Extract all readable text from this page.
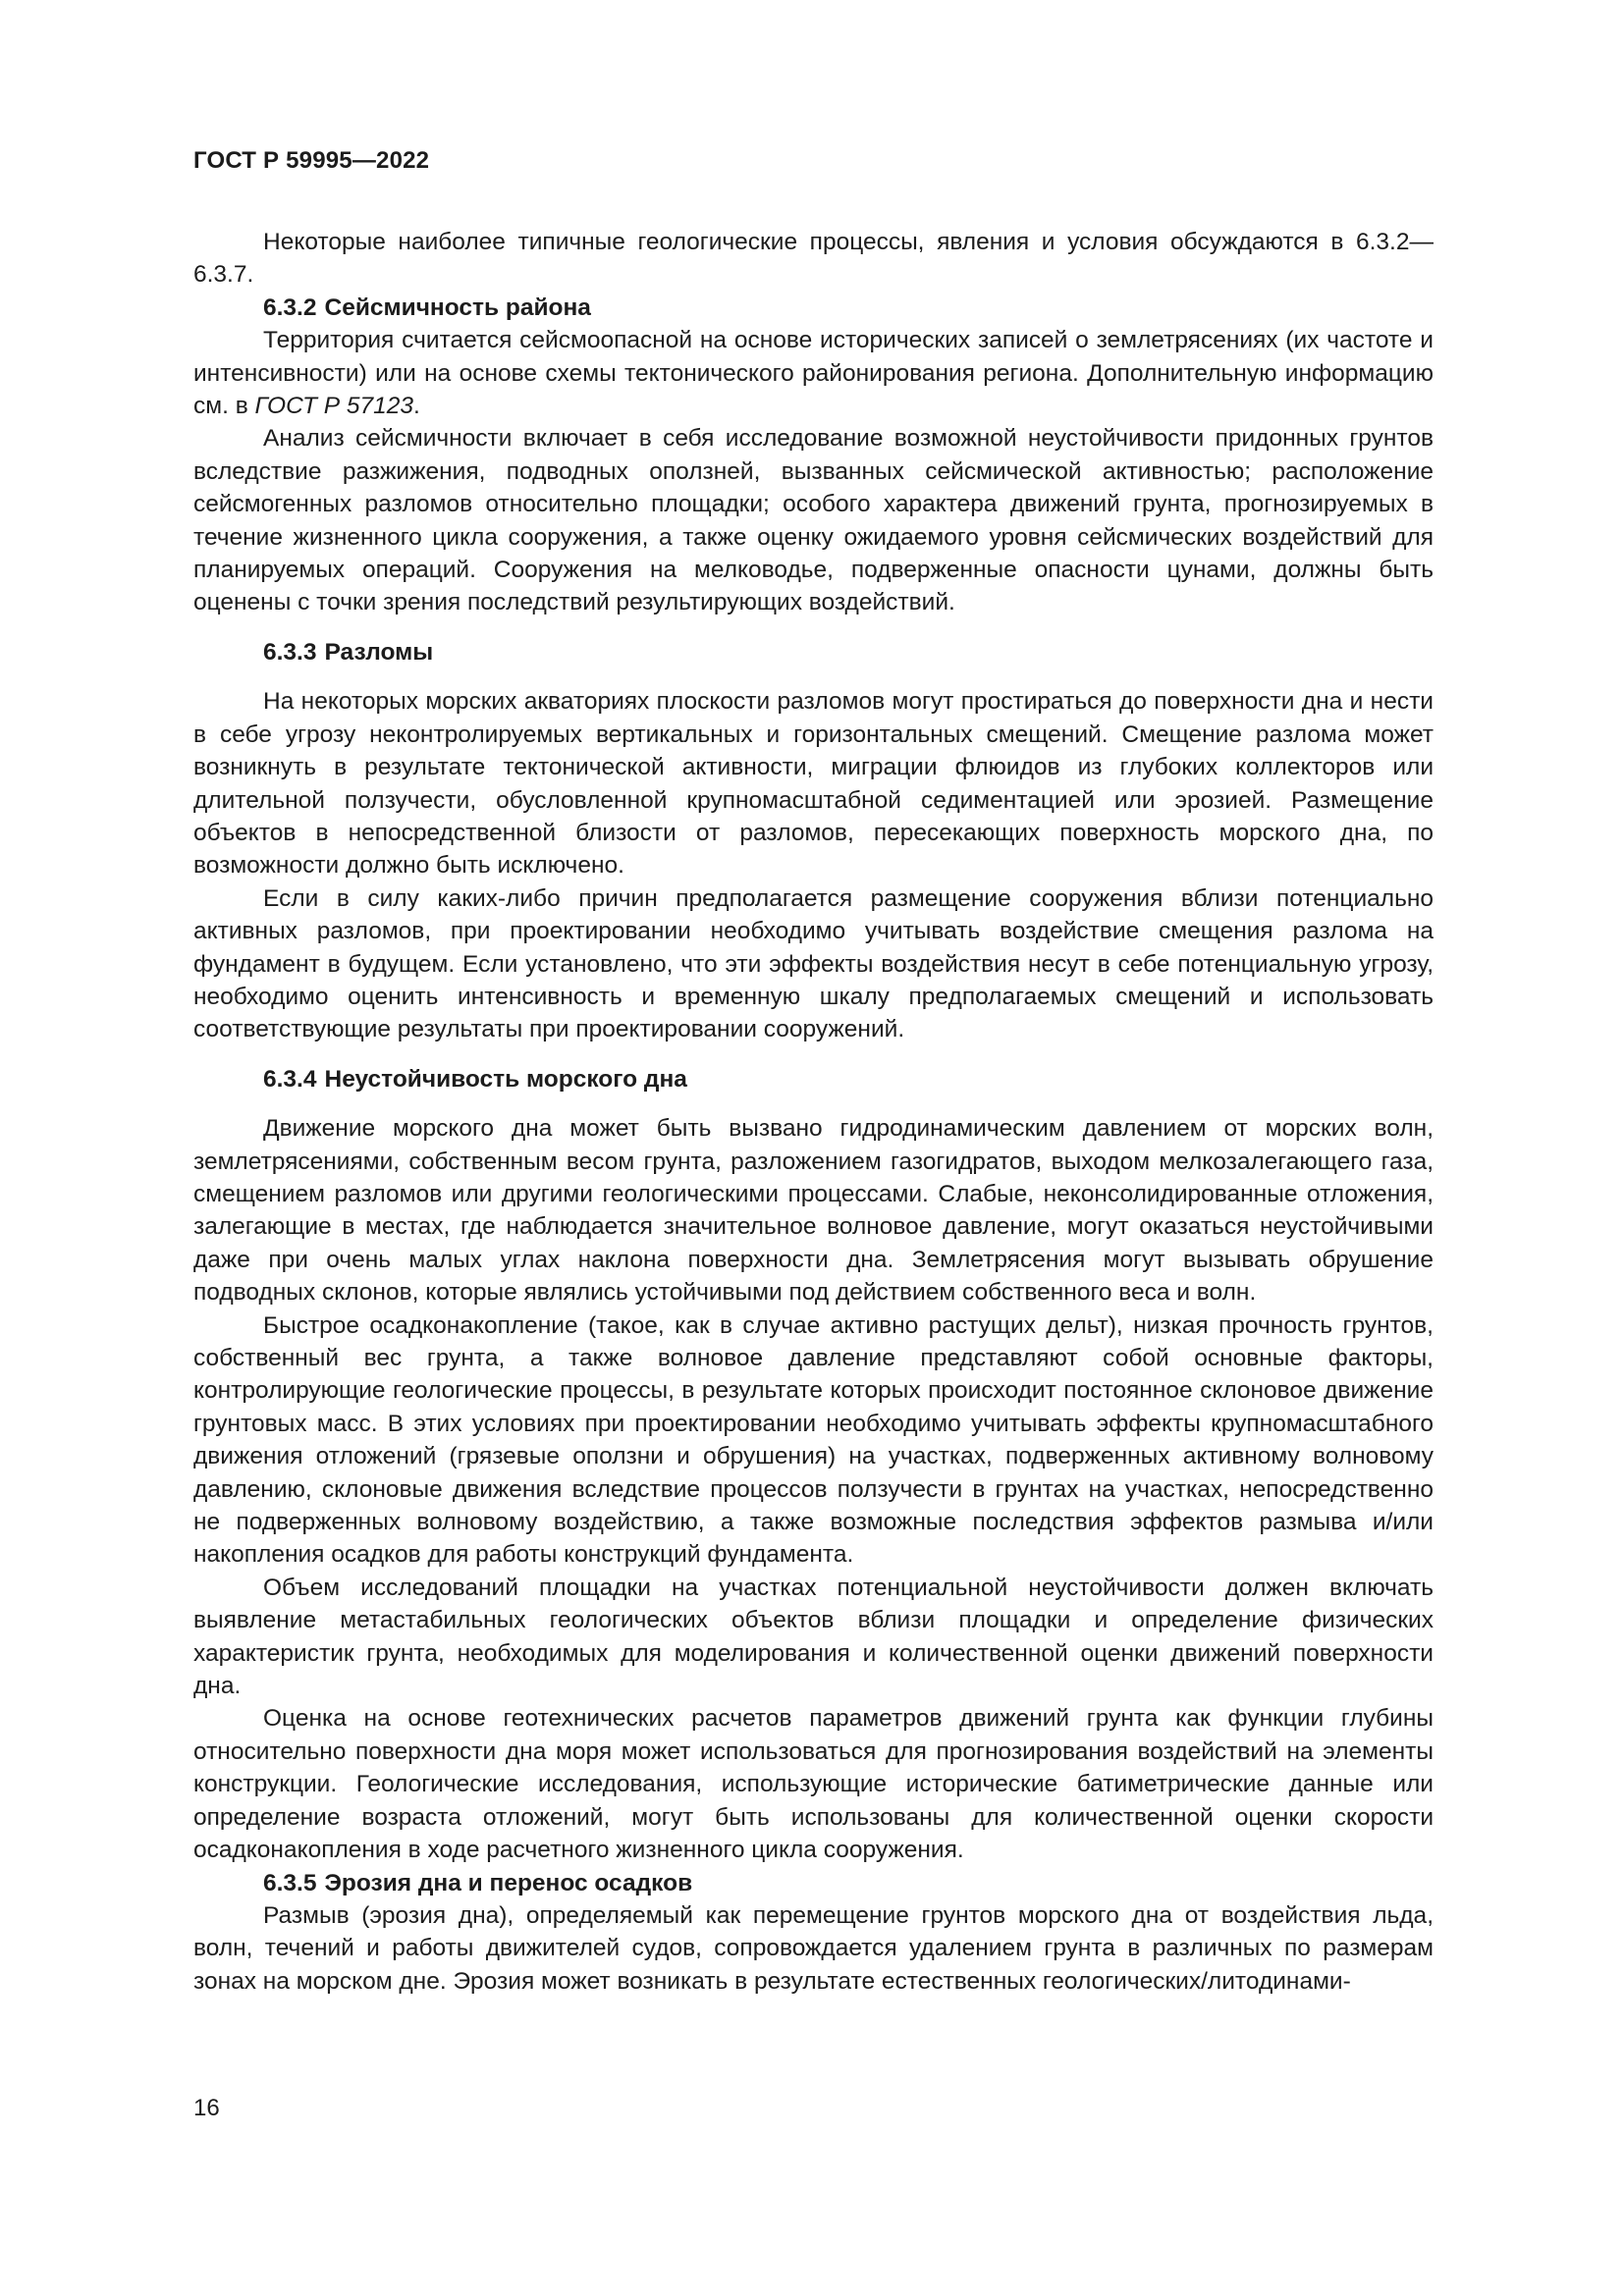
ГОСТ Р 59995—2022

Некоторые наиболее типичные геологические процессы, явления и условия обсуждаются в 6.3.2—6.3.7.

6.3.2 Сейсмичность района

Территория считается сейсмоопасной на основе исторических записей о землетрясениях (их частоте и интенсивности) или на основе схемы тектонического районирования региона. Дополнительную информацию см. в ГОСТ Р 57123.

Анализ сейсмичности включает в себя исследование возможной неустойчивости придонных грунтов вследствие разжижения, подводных оползней, вызванных сейсмической активностью; расположение сейсмогенных разломов относительно площадки; особого характера движений грунта, прогнозируемых в течение жизненного цикла сооружения, а также оценку ожидаемого уровня сейсмических воздействий для планируемых операций. Сооружения на мелководье, подверженные опасности цунами, должны быть оценены с точки зрения последствий результирующих воздействий.

6.3.3 Разломы

На некоторых морских акваториях плоскости разломов могут простираться до поверхности дна и нести в себе угрозу неконтролируемых вертикальных и горизонтальных смещений. Смещение разлома может возникнуть в результате тектонической активности, миграции флюидов из глубоких коллекторов или длительной ползучести, обусловленной крупномасштабной седиментацией или эрозией. Размещение объектов в непосредственной близости от разломов, пересекающих поверхность морского дна, по возможности должно быть исключено.

Если в силу каких-либо причин предполагается размещение сооружения вблизи потенциально активных разломов, при проектировании необходимо учитывать воздействие смещения разлома на фундамент в будущем. Если установлено, что эти эффекты воздействия несут в себе потенциальную угрозу, необходимо оценить интенсивность и временную шкалу предполагаемых смещений и использовать соответствующие результаты при проектировании сооружений.

6.3.4 Неустойчивость морского дна

Движение морского дна может быть вызвано гидродинамическим давлением от морских волн, землетрясениями, собственным весом грунта, разложением газогидратов, выходом мелкозалегающего газа, смещением разломов или другими геологическими процессами. Слабые, неконсолидированные отложения, залегающие в местах, где наблюдается значительное волновое давление, могут оказаться неустойчивыми даже при очень малых углах наклона поверхности дна. Землетрясения могут вызывать обрушение подводных склонов, которые являлись устойчивыми под действием собственного веса и волн.

Быстрое осадконакопление (такое, как в случае активно растущих дельт), низкая прочность грунтов, собственный вес грунта, а также волновое давление представляют собой основные факторы, контролирующие геологические процессы, в результате которых происходит постоянное склоновое движение грунтовых масс. В этих условиях при проектировании необходимо учитывать эффекты крупномасштабного движения отложений (грязевые оползни и обрушения) на участках, подверженных активному волновому давлению, склоновые движения вследствие процессов ползучести в грунтах на участках, непосредственно не подверженных волновому воздействию, а также возможные последствия эффектов размыва и/или накопления осадков для работы конструкций фундамента.

Объем исследований площадки на участках потенциальной неустойчивости должен включать выявление метастабильных геологических объектов вблизи площадки и определение физических характеристик грунта, необходимых для моделирования и количественной оценки движений поверхности дна.

Оценка на основе геотехнических расчетов параметров движений грунта как функции глубины относительно поверхности дна моря может использоваться для прогнозирования воздействий на элементы конструкции. Геологические исследования, использующие исторические батиметрические данные или определение возраста отложений, могут быть использованы для количественной оценки скорости осадконакопления в ходе расчетного жизненного цикла сооружения.

6.3.5 Эрозия дна и перенос осадков

Размыв (эрозия дна), определяемый как перемещение грунтов морского дна от воздействия льда, волн, течений и работы движителей судов, сопровождается удалением грунта в различных по размерам зонах на морском дне. Эрозия может возникать в результате естественных геологических/литодинами-

16
